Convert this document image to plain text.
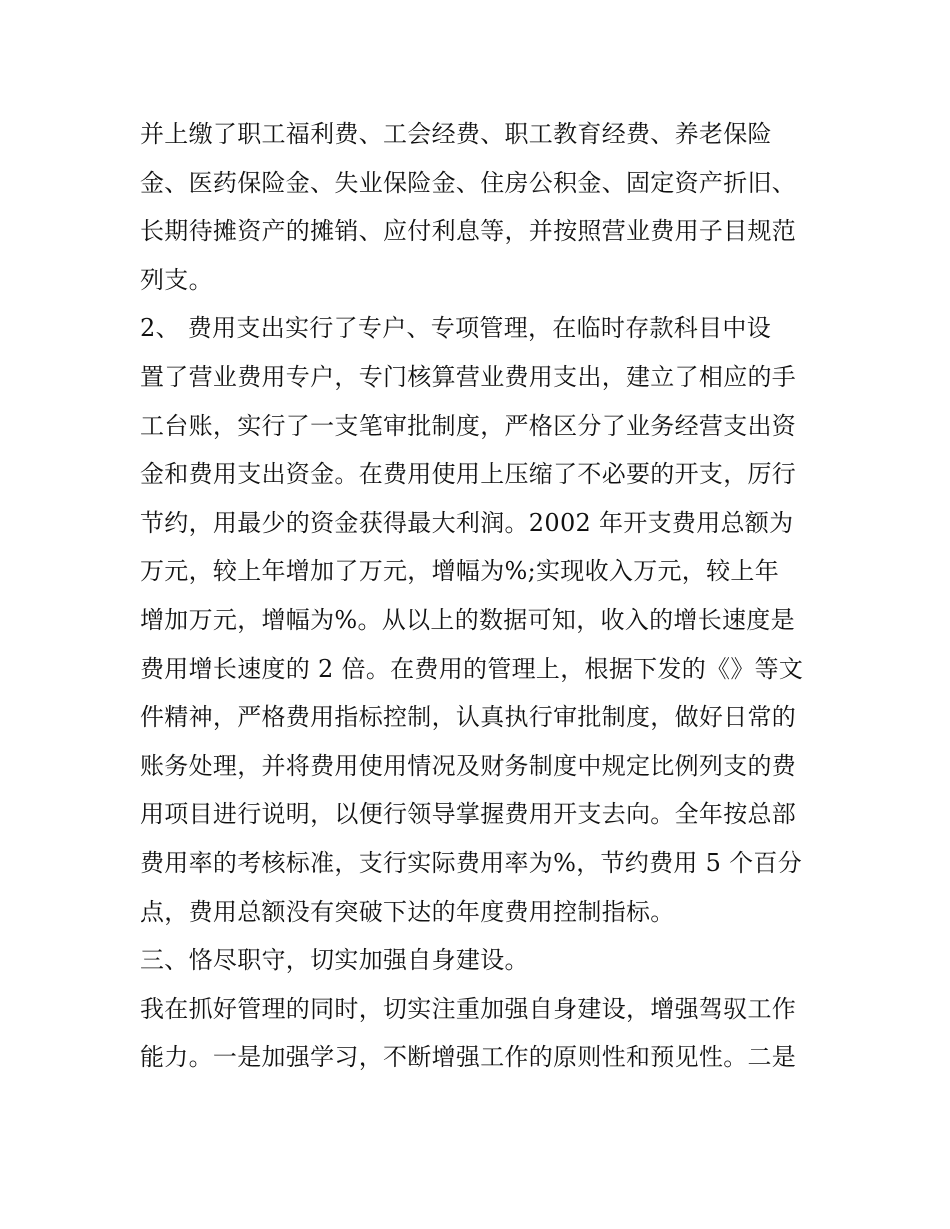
并上缴了职工福利费、工会经费、职工教育经费、养老保险

金、医药保险金、失业保险金、住房公积金、固定资产折旧、

长期待摊资产的摊销、应付利息等，并按照营业费用子目规范

列支。

2、 费用支出实行了专户、专项管理，在临时存款科目中设

置了营业费用专户，专门核算营业费用支出，建立了相应的手

工台账，实行了一支笔审批制度，严格区分了业务经营支出资

金和费用支出资金。在费用使用上压缩了不必要的开支，厉行

节约，用最少的资金获得最大利润。2002 年开支费用总额为

万元，较上年增加了万元，增幅为%;实现收入万元，较上年

增加万元，增幅为%。从以上的数据可知，收入的增长速度是

费用增长速度的 2 倍。在费用的管理上，根据下发的《》等文

件精神，严格费用指标控制，认真执行审批制度，做好日常的

账务处理，并将费用使用情况及财务制度中规定比例列支的费

用项目进行说明，以便行领导掌握费用开支去向。全年按总部

费用率的考核标准，支行实际费用率为%，节约费用 5 个百分

点，费用总额没有突破下达的年度费用控制指标。

三、恪尽职守，切实加强自身建设。

我在抓好管理的同时，切实注重加强自身建设，增强驾驭工作

能力。一是加强学习，不断增强工作的原则性和预见性。二是
